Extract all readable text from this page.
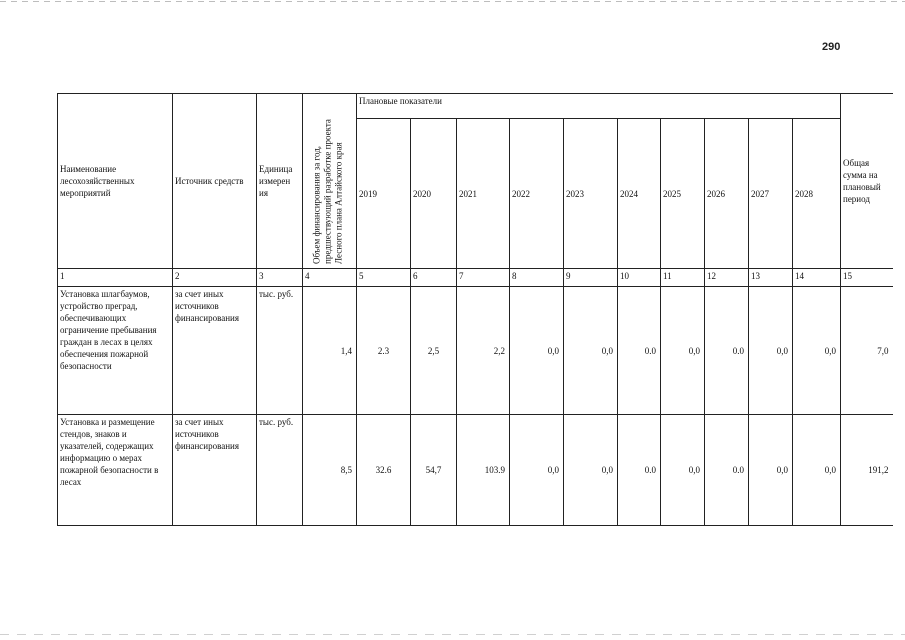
290
Наименование лесохозяйственных мероприятий	Источник средств	Единица измерен ия	Объем финансирования за год, предшествующий разработке проекта Лесного плана Алтайского края	Плановые показатели										Общая сумма на плановый период
				2019	2020	2021	2022	2023	2024	2025	2026	2027	2028	
1	2	3	4	5	6	7	8	9	10	11	12	13	14	15
Установка шлагбаумов, устройство преград, обеспечивающих ограничение пребывания граждан в лесах в целях обеспечения пожарной безопасности	за счет иных источников финансирования	тыс. руб.	1,4	2.3	2,5	2,2	0,0	0,0	0.0	0,0	0.0	0,0	0,0	7,0
Установка и размещение стендов, знаков и указателей, содержащих информацию о мерах пожарной безопасности в лесах	за счет иных источников финансирования	тыс. руб.	8,5	32.6	54,7	103.9	0,0	0,0	0.0	0,0	0.0	0,0	0,0	191,2
